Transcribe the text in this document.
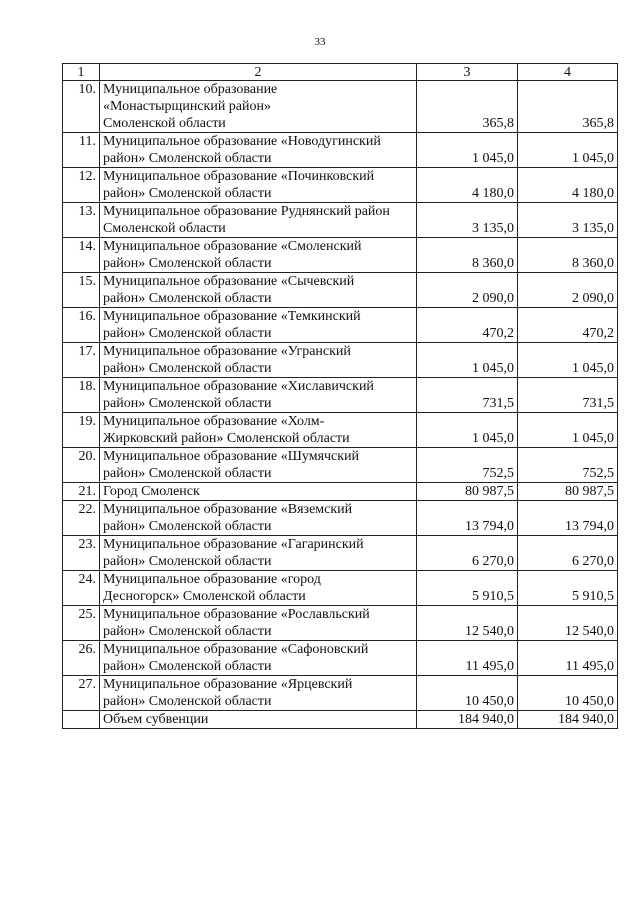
33
1	2	3	4
10.	Муниципальное образование
«Монастырщинский район»
Смоленской области	365,8	365,8
11.	Муниципальное образование «Новодугинский
район» Смоленской области	1 045,0	1 045,0
12.	Муниципальное образование «Починковский
район» Смоленской области	4 180,0	4 180,0
13.	Муниципальное образование Руднянский район
Смоленской области	3 135,0	3 135,0
14.	Муниципальное образование «Смоленский
район» Смоленской области	8 360,0	8 360,0
15.	Муниципальное образование «Сычевский
район» Смоленской области	2 090,0	2 090,0
16.	Муниципальное образование «Темкинский
район» Смоленской области	470,2	470,2
17.	Муниципальное образование «Угранский
район» Смоленской области	1 045,0	1 045,0
18.	Муниципальное образование «Хиславичский
район» Смоленской области	731,5	731,5
19.	Муниципальное образование «Холм-
Жирковский район» Смоленской области	1 045,0	1 045,0
20.	Муниципальное образование «Шумячский
район» Смоленской области	752,5	752,5
21.	Город Смоленск	80 987,5	80 987,5
22.	Муниципальное образование «Вяземский
район» Смоленской области	13 794,0	13 794,0
23.	Муниципальное образование «Гагаринский
район» Смоленской области	6 270,0	6 270,0
24.	Муниципальное образование «город
Десногорск» Смоленской области	5 910,5	5 910,5
25.	Муниципальное образование «Рославльский
район» Смоленской области	12 540,0	12 540,0
26.	Муниципальное образование «Сафоновский
район» Смоленской области	11 495,0	11 495,0
27.	Муниципальное образование «Ярцевский
район» Смоленской области	10 450,0	10 450,0
	Объем субвенции	184 940,0	184 940,0
